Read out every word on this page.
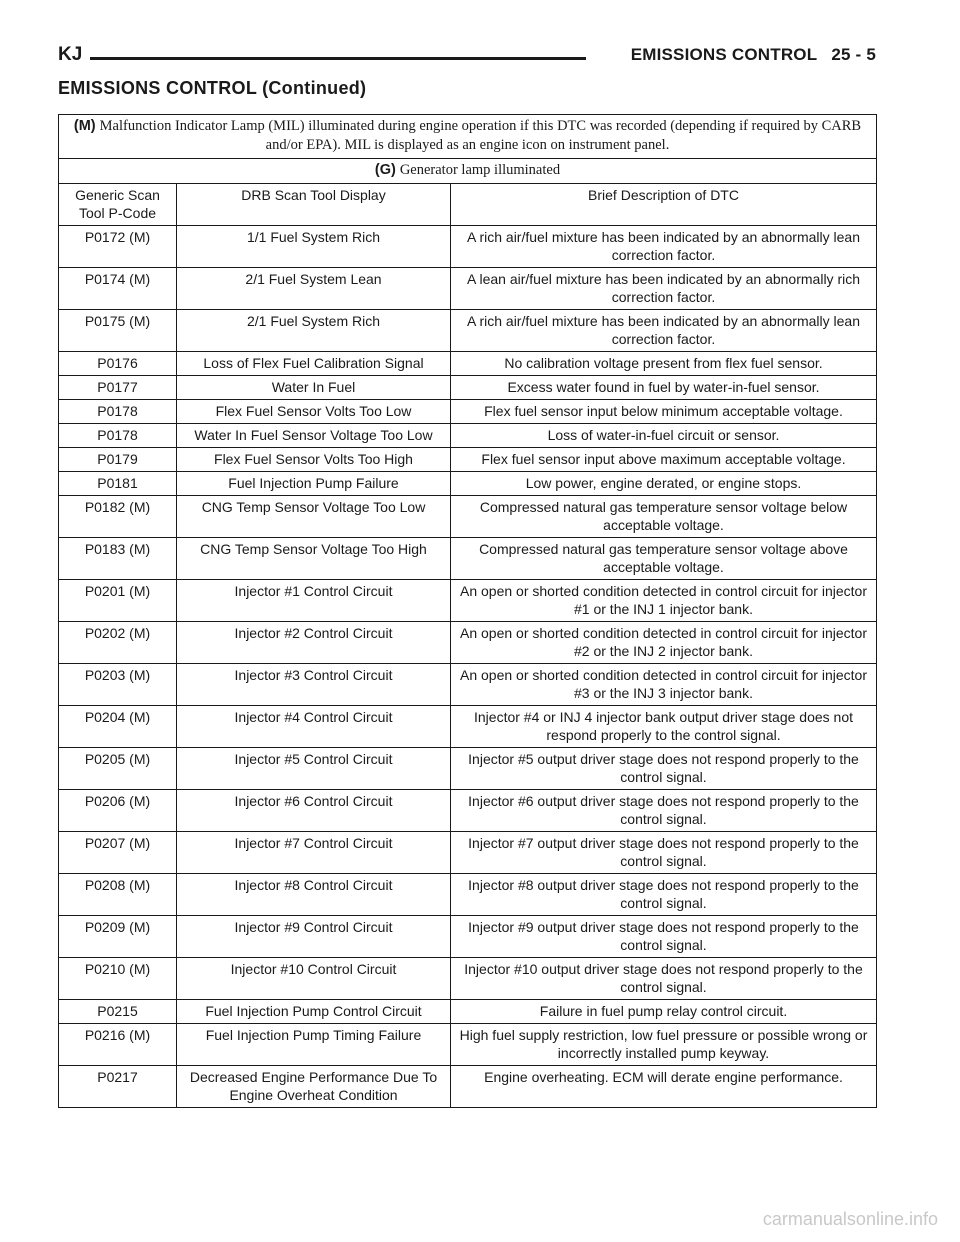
KJ	EMISSIONS CONTROL 25 - 5
EMISSIONS CONTROL (Continued)
(M) Malfunction Indicator Lamp (MIL) illuminated during engine operation if this DTC was recorded (depending if required by CARB and/or EPA). MIL is displayed as an engine icon on instrument panel.		
(G) Generator lamp illuminated		
Generic Scan Tool P-Code	DRB Scan Tool Display	Brief Description of DTC
P0172 (M)	1/1 Fuel System Rich	A rich air/fuel mixture has been indicated by an abnormally lean correction factor.
P0174 (M)	2/1 Fuel System Lean	A lean air/fuel mixture has been indicated by an abnormally rich correction factor.
P0175 (M)	2/1 Fuel System Rich	A rich air/fuel mixture has been indicated by an abnormally lean correction factor.
P0176	Loss of Flex Fuel Calibration Signal	No calibration voltage present from flex fuel sensor.
P0177	Water In Fuel	Excess water found in fuel by water-in-fuel sensor.
P0178	Flex Fuel Sensor Volts Too Low	Flex fuel sensor input below minimum acceptable voltage.
P0178	Water In Fuel Sensor Voltage Too Low	Loss of water-in-fuel circuit or sensor.
P0179	Flex Fuel Sensor Volts Too High	Flex fuel sensor input above maximum acceptable voltage.
P0181	Fuel Injection Pump Failure	Low power, engine derated, or engine stops.
P0182 (M)	CNG Temp Sensor Voltage Too Low	Compressed natural gas temperature sensor voltage below acceptable voltage.
P0183 (M)	CNG Temp Sensor Voltage Too High	Compressed natural gas temperature sensor voltage above acceptable voltage.
P0201 (M)	Injector #1 Control Circuit	An open or shorted condition detected in control circuit for injector #1 or the INJ 1 injector bank.
P0202 (M)	Injector #2 Control Circuit	An open or shorted condition detected in control circuit for injector #2 or the INJ 2 injector bank.
P0203 (M)	Injector #3 Control Circuit	An open or shorted condition detected in control circuit for injector #3 or the INJ 3 injector bank.
P0204 (M)	Injector #4 Control Circuit	Injector #4 or INJ 4 injector bank output driver stage does not respond properly to the control signal.
P0205 (M)	Injector #5 Control Circuit	Injector #5 output driver stage does not respond properly to the control signal.
P0206 (M)	Injector #6 Control Circuit	Injector #6 output driver stage does not respond properly to the control signal.
P0207 (M)	Injector #7 Control Circuit	Injector #7 output driver stage does not respond properly to the control signal.
P0208 (M)	Injector #8 Control Circuit	Injector #8 output driver stage does not respond properly to the control signal.
P0209 (M)	Injector #9 Control Circuit	Injector #9 output driver stage does not respond properly to the control signal.
P0210 (M)	Injector #10 Control Circuit	Injector #10 output driver stage does not respond properly to the control signal.
P0215	Fuel Injection Pump Control Circuit	Failure in fuel pump relay control circuit.
P0216 (M)	Fuel Injection Pump Timing Failure	High fuel supply restriction, low fuel pressure or possible wrong or incorrectly installed pump keyway.
P0217	Decreased Engine Performance Due To Engine Overheat Condition	Engine overheating. ECM will derate engine performance.
carmanualsonline.info
